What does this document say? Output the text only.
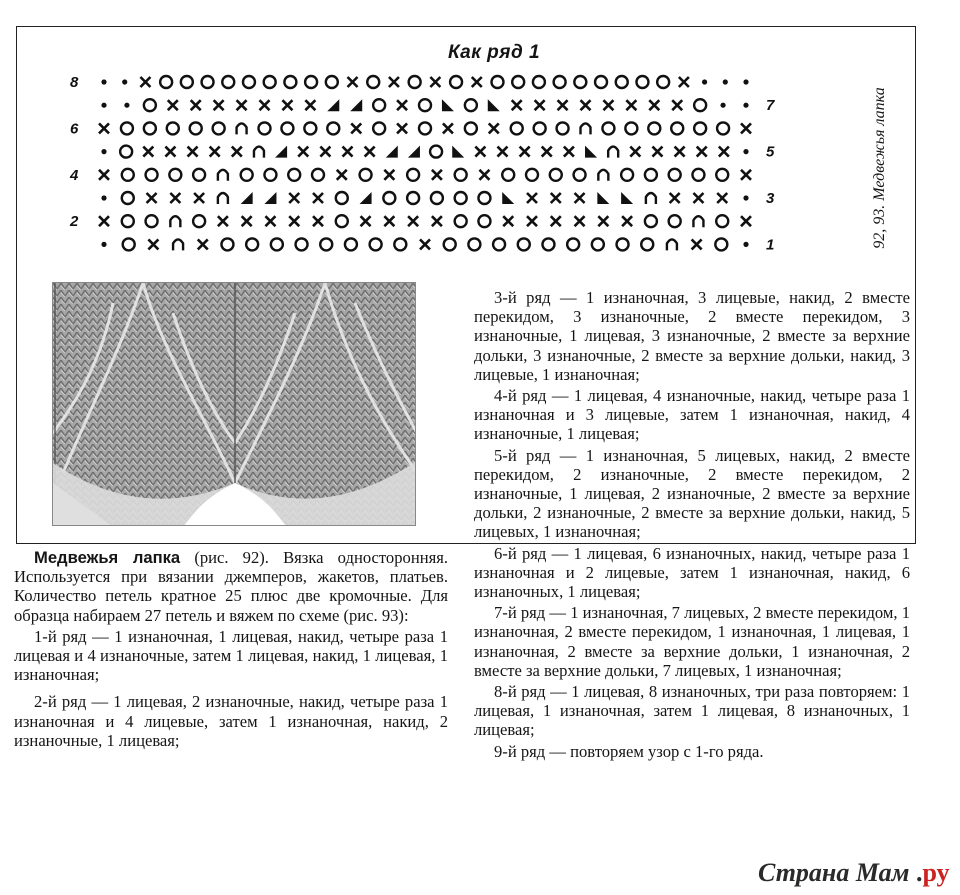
Как ряд 1
92, 93. Медвежья лапка
8
7
6
5
4
3
2
1

Медвежья лапка (рис. 92). Вязка односторонняя. Используется при вязании джемперов, жакетов, платьев. Количество петель кратное 25 плюс две кромочные. Для образца набираем 27 петель и вяжем по схеме (рис. 93):

1-й ряд — 1 изнаночная, 1 лицевая, накид, четыре раза 1 лицевая и 4 изнаночные, затем 1 лицевая, накид, 1 лицевая, 1 изнаночная;

2-й ряд — 1 лицевая, 2 изнаночные, накид, четыре раза 1 изнаночная и 4 лицевые, затем 1 изнаночная, накид, 2 изнаночные, 1 лицевая;

3-й ряд — 1 изнаночная, 3 лицевые, накид, 2 вместе перекидом, 3 изнаночные, 2 вместе перекидом, 3 изнаночные, 1 лицевая, 3 изнаночные, 2 вместе за верхние дольки, 3 изнаночные, 2 вместе за верхние дольки, накид, 3 лицевые, 1 изнаночная;

4-й ряд — 1 лицевая, 4 изнаночные, накид, четыре раза 1 изнаночная и 3 лицевые, затем 1 изнаночная, накид, 4 изнаночные, 1 лицевая;

5-й ряд — 1 изнаночная, 5 лицевых, накид, 2 вместе перекидом, 2 изнаночные, 2 вместе перекидом, 2 изнаночные, 1 лицевая, 2 изнаночные, 2 вместе за верхние дольки, 2 изнаночные, 2 вместе за верхние дольки, накид, 5 лицевых, 1 изнаночная;

6-й ряд — 1 лицевая, 6 изнаночных, накид, четыре раза 1 изнаночная и 2 лицевые, затем 1 изнаночная, накид, 6 изнаночных, 1 лицевая;

7-й ряд — 1 изнаночная, 7 лицевых, 2 вместе перекидом, 1 изнаночная, 2 вместе перекидом, 1 изнаночная, 1 лицевая, 1 изнаночная, 2 вместе за верхние дольки, 1 изнаночная, 2 вместе за верхние дольки, 7 лицевых, 1 изнаночная;

8-й ряд — 1 лицевая, 8 изнаночных, три раза повторяем: 1 лицевая, 1 изнаночная, затем 1 лицевая, 8 изнаночных, 1 лицевая;

9-й ряд — повторяем узор с 1-го ряда.

Страна Мам .ру
